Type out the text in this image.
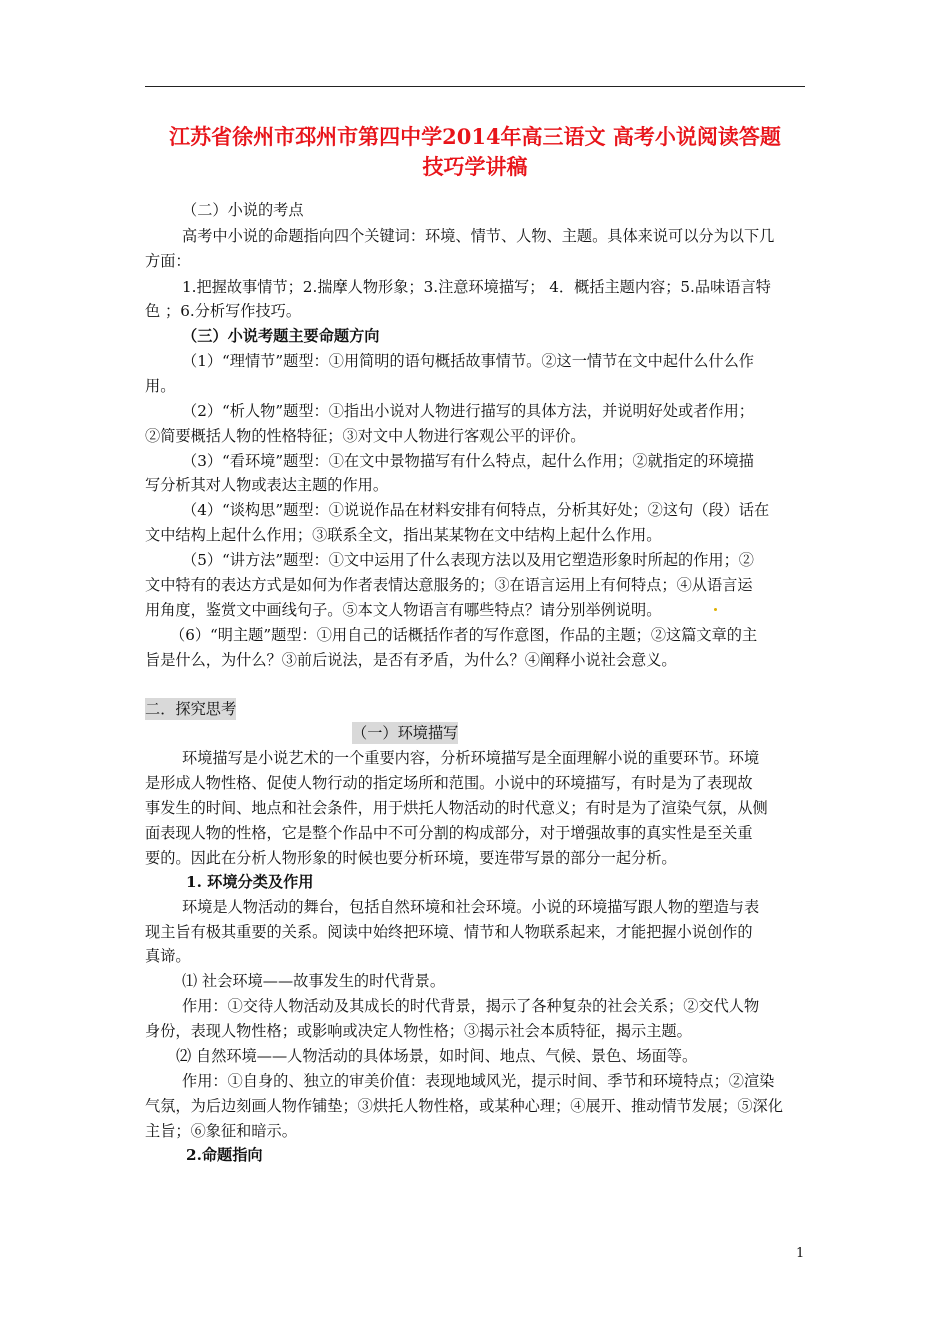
江苏省徐州市邳州市第四中学2014年高三语文 高考小说阅读答题
技巧学讲稿
（二）小说的考点
高考中小说的命题指向四个关键词：环境、情节、人物、主题。具体来说可以分为以下几
方面：
1.把握故事情节；2.揣摩人物形象；3.注意环境描写； 4．概括主题内容；5.品味语言特
色 ；6.分析写作技巧。
（三）小说考题主要命题方向
（1）“理情节”题型：①用简明的语句概括故事情节。②这一情节在文中起什么什么作
用。
（2）“析人物”题型：①指出小说对人物进行描写的具体方法，并说明好处或者作用；
②简要概括人物的性格特征；③对文中人物进行客观公平的评价。
（3）“看环境”题型：①在文中景物描写有什么特点，起什么作用；②就指定的环境描
写分析其对人物或表达主题的作用。
（4）“谈构思”题型：①说说作品在材料安排有何特点，分析其好处；②这句（段）话在
文中结构上起什么作用；③联系全文，指出某某物在文中结构上起什么作用。
（5）“讲方法”题型：①文中运用了什么表现方法以及用它塑造形象时所起的作用；②
文中特有的表达方式是如何为作者表情达意服务的；③在语言运用上有何特点；④从语言运
用角度，鉴赏文中画线句子。⑤本文人物语言有哪些特点？请分别举例说明。
（6）“明主题”题型：①用自己的话概括作者的写作意图，作品的主题；②这篇文章的主
旨是什么，为什么？③前后说法，是否有矛盾，为什么？④阐释小说社会意义。
二．探究思考
（一）环境描写
环境描写是小说艺术的一个重要内容，分析环境描写是全面理解小说的重要环节。环境
是形成人物性格、促使人物行动的指定场所和范围。小说中的环境描写，有时是为了表现故
事发生的时间、地点和社会条件，用于烘托人物活动的时代意义；有时是为了渲染气氛，从侧
面表现人物的性格，它是整个作品中不可分割的构成部分，对于增强故事的真实性是至关重
要的。因此在分析人物形象的时候也要分析环境，要连带写景的部分一起分析。
1. 环境分类及作用
环境是人物活动的舞台，包括自然环境和社会环境。小说的环境描写跟人物的塑造与表
现主旨有极其重要的关系。阅读中始终把环境、情节和人物联系起来，才能把握小说创作的
真谛。
⑴ 社会环境——故事发生的时代背景。
作用：①交待人物活动及其成长的时代背景，揭示了各种复杂的社会关系；②交代人物
身份，表现人物性格；或影响或决定人物性格；③揭示社会本质特征，揭示主题。
⑵ 自然环境——人物活动的具体场景，如时间、地点、气候、景色、场面等。
作用：①自身的、独立的审美价值：表现地域风光，提示时间、季节和环境特点；②渲染
气氛，为后边刻画人物作铺垫；③烘托人物性格，或某种心理；④展开、推动情节发展；⑤深化
主旨；⑥象征和暗示。
2.命题指向
1
